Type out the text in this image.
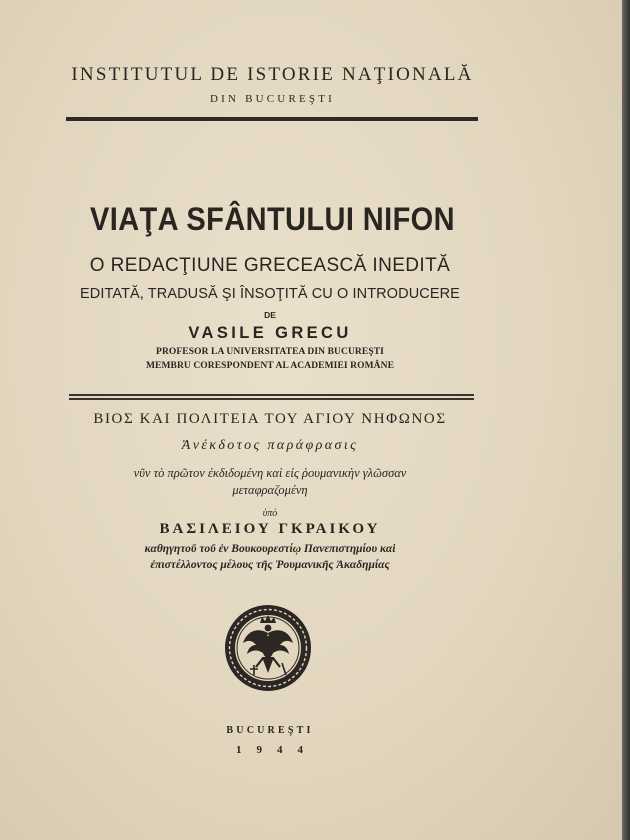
INSTITUTUL DE ISTORIE NAŢIONALĂ
DIN BUCUREŞTI
VIAŢA SFÂNTULUI NIFON
O REDACŢIUNE GRECEASCĂ INEDITĂ
EDITATĂ, TRADUSĂ ŞI ÎNSOŢITĂ CU O INTRODUCERE
DE
VASILE GRECU
PROFESOR LA UNIVERSITATEA DIN BUCUREŞTI
MEMBRU CORESPONDENT AL ACADEMIEI ROMÂNE
ΒΙΟΣ ΚΑΙ ΠΟΛΙΤΕΙΑ ΤΟΥ ΑΓΙΟΥ ΝΗΦΩΝΟΣ
Ἀνέκδοτος παράφρασις
νῦν τὸ πρῶτον ἐκδιδομένη καὶ εἰς ῥουμανικὴν γλῶσσαν
μεταφραζομένη
ὑπὸ
ΒΑΣΙΛΕΙΟΥ ΓΚΡΑΙΚΟΥ
καθηγητοῦ τοῦ ἐν Βουκουρεστίῳ Πανεπιστημίου καὶ
ἐπιστέλλοντος μέλους τῆς Ῥουμανικῆς Ἀκαδημίας
BUCUREŞTI
1944
